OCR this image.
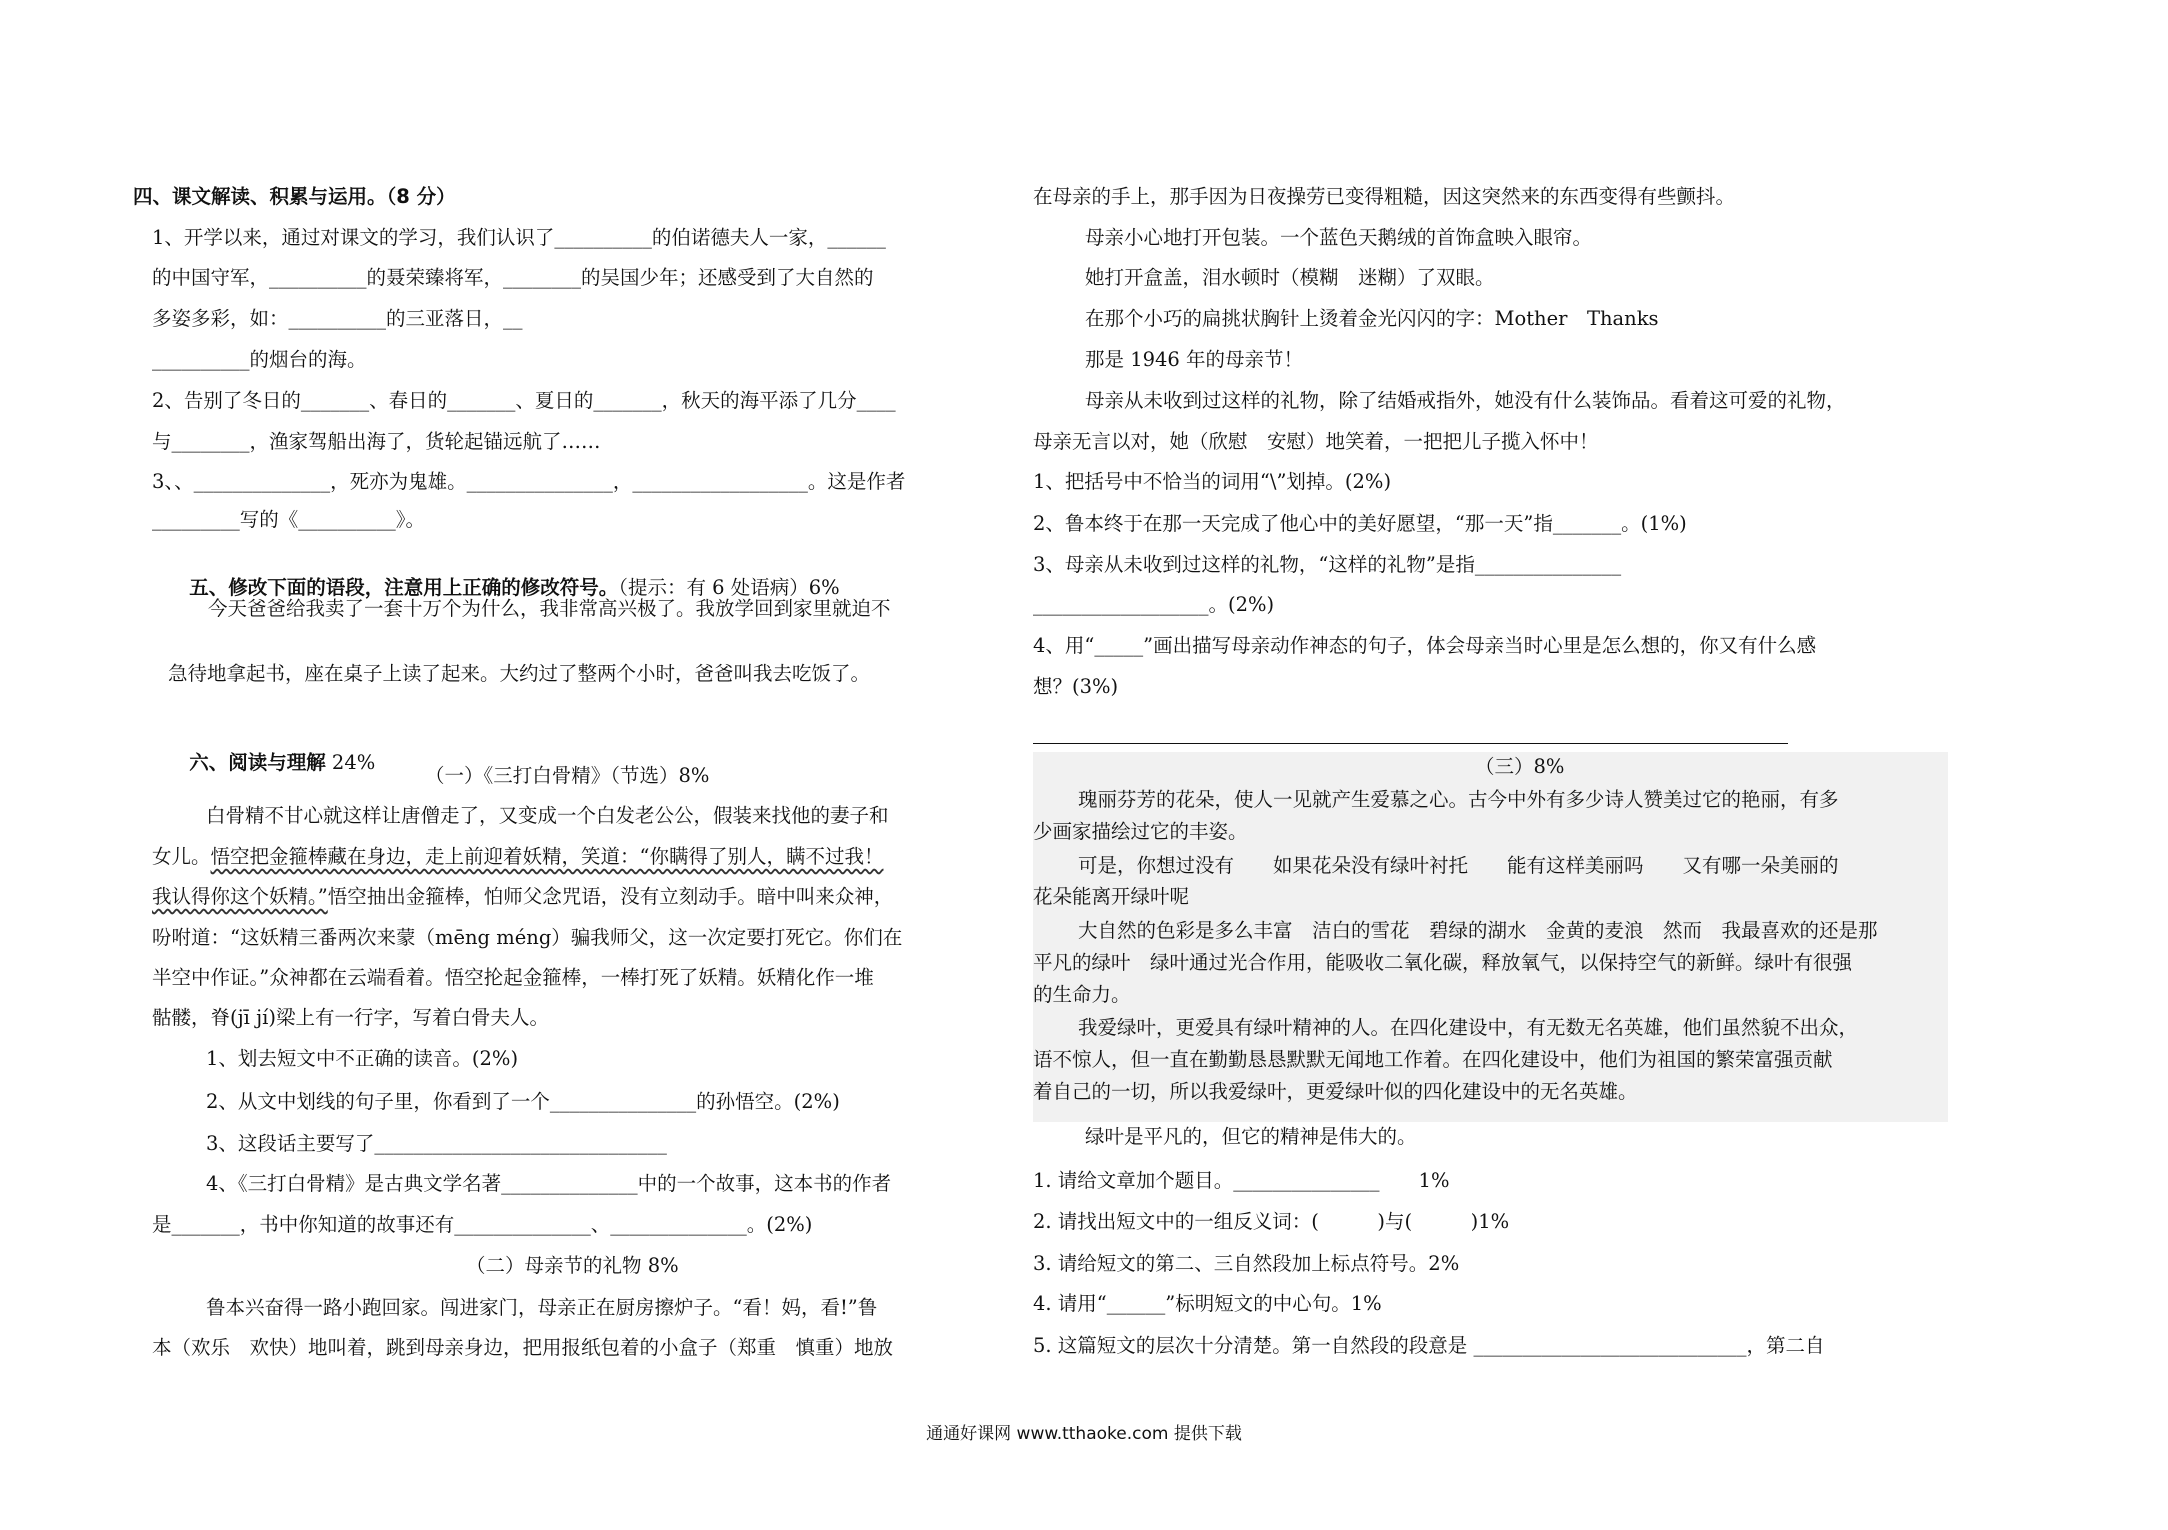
四、课文解读、积累与运用。（8 分）
1、开学以来，通过对课文的学习，我们认识了__________的伯诺德夫人一家，______
的中国守军，__________的聂荣臻将军，________的吴国少年；还感受到了大自然的
多姿多彩，如：__________的三亚落日，__
__________的烟台的海。
2、告别了冬日的_______、春日的_______、夏日的_______，秋天的海平添了几分____
与________，渔家驾船出海了，货轮起锚远航了……
3、、______________，死亦为鬼雄。_______________，__________________。这是作者
_________写的《__________》。

五、修改下面的语段，注意用上正确的修改符号。（提示：有 6 处语病）6%

今天爸爸给我卖了一套十万个为什么，我非常高兴极了。我放学回到家里就迫不
急待地拿起书，座在桌子上读了起来。大约过了整两个小时，爸爸叫我去吃饭了。

六、阅读与理解 24%

（一）《三打白骨精》（节选）8%
白骨精不甘心就这样让唐僧走了，又变成一个白发老公公，假装来找他的妻子和
女儿。悟空把金箍棒藏在身边，走上前迎着妖精，笑道：“你瞒得了别人，瞒不过我！
我认得你这个妖精。”悟空抽出金箍棒，怕师父念咒语，没有立刻动手。暗中叫来众神，
吩咐道：“这妖精三番两次来蒙（mēng méng）骗我师父，这一次定要打死它。你们在
半空中作证。”众神都在云端看着。悟空抡起金箍棒，一棒打死了妖精。妖精化作一堆
骷髅，脊(jī jí)梁上有一行字，写着白骨夫人。
1、划去短文中不正确的读音。(2%)
2、从文中划线的句子里，你看到了一个_______________的孙悟空。(2%)
3、这段话主要写了______________________________
4、《三打白骨精》是古典文学名著______________中的一个故事，这本书的作者
是_______，书中你知道的故事还有______________、______________。(2%)
（二）母亲节的礼物 8%
鲁本兴奋得一路小跑回家。闯进家门，母亲正在厨房擦炉子。“看！妈，看!”鲁
本（欢乐　欢快）地叫着，跳到母亲身边，把用报纸包着的小盒子（郑重　慎重）地放
在母亲的手上，那手因为日夜操劳已变得粗糙，因这突然来的东西变得有些颤抖。
母亲小心地打开包装。一个蓝色天鹅绒的首饰盒映入眼帘。
她打开盒盖，泪水顿时（模糊　迷糊）了双眼。
在那个小巧的扁挑状胸针上烫着金光闪闪的字：Mother　Thanks
那是 1946 年的母亲节！
母亲从未收到过这样的礼物，除了结婚戒指外，她没有什么装饰品。看着这可爱的礼物，
母亲无言以对，她（欣慰　安慰）地笑着，一把把儿子揽入怀中！
1、把括号中不恰当的词用“\”划掉。(2%)
2、鲁本终于在那一天完成了他心中的美好愿望，“那一天”指_______。(1%)
3、母亲从未收到过这样的礼物，“这样的礼物”是指_______________
__________________。(2%)
4、用“_____”画出描写母亲动作神态的句子，体会母亲当时心里是怎么想的，你又有什么感
想？(3%)
（三）8%
瑰丽芬芳的花朵，使人一见就产生爱慕之心。古今中外有多少诗人赞美过它的艳丽，有多
少画家描绘过它的丰姿。
可是，你想过没有　　如果花朵没有绿叶衬托　　能有这样美丽吗　　又有哪一朵美丽的
花朵能离开绿叶呢
大自然的色彩是多么丰富　洁白的雪花　碧绿的湖水　金黄的麦浪　然而　我最喜欢的还是那
平凡的绿叶　绿叶通过光合作用，能吸收二氧化碳，释放氧气，以保持空气的新鲜。绿叶有很强
的生命力。
我爱绿叶，更爱具有绿叶精神的人。在四化建设中，有无数无名英雄，他们虽然貌不出众，
语不惊人，但一直在勤勤恳恳默默无闻地工作着。在四化建设中，他们为祖国的繁荣富强贡献
着自己的一切，所以我爱绿叶，更爱绿叶似的四化建设中的无名英雄。
绿叶是平凡的，但它的精神是伟大的。
1. 请给文章加个题目。_______________　　1%
2. 请找出短文中的一组反义词：(　　　)与(　　　)1%
3. 请给短文的第二、三自然段加上标点符号。2%
4. 请用“______”标明短文的中心句。1%
5. 这篇短文的层次十分清楚。第一自然段的段意是 ____________________________，第二自
通通好课网 www.tthaoke.com 提供下载
